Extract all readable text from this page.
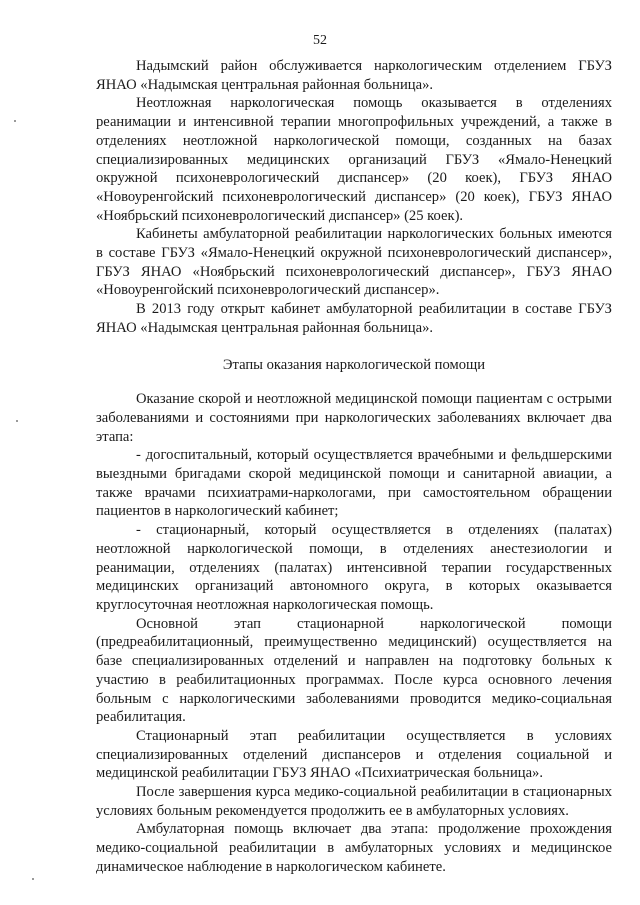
52

Надымский район обслуживается наркологическим отделением ГБУЗ ЯНАО «Надымская центральная районная больница».

Неотложная наркологическая помощь оказывается в отделениях реанимации и интенсивной терапии многопрофильных учреждений, а также в отделениях неотложной наркологической помощи, созданных на базах специализированных медицинских организаций ГБУЗ «Ямало-Ненецкий окружной психоневрологический диспансер» (20 коек), ГБУЗ ЯНАО «Новоуренгойский психоневрологический диспансер» (20 коек), ГБУЗ ЯНАО «Ноябрьский психоневрологический диспансер» (25 коек).

Кабинеты амбулаторной реабилитации наркологических больных имеются в составе ГБУЗ «Ямало-Ненецкий окружной психоневрологический диспансер», ГБУЗ ЯНАО «Ноябрьский психоневрологический диспансер», ГБУЗ ЯНАО «Новоуренгойский психоневрологический диспансер».

В 2013 году открыт кабинет амбулаторной реабилитации в составе ГБУЗ ЯНАО «Надымская центральная районная больница».

Этапы оказания наркологической помощи

Оказание скорой и неотложной медицинской помощи пациентам с острыми заболеваниями и состояниями при наркологических заболеваниях включает два этапа:

- догоспитальный, который осуществляется врачебными и фельдшерскими выездными бригадами скорой медицинской помощи и санитарной авиации, а также врачами психиатрами-наркологами, при самостоятельном обращении пациентов в наркологический кабинет;

- стационарный, который осуществляется в отделениях (палатах) неотложной наркологической помощи, в отделениях анестезиологии и реанимации, отделениях (палатах) интенсивной терапии государственных медицинских организаций автономного округа, в которых оказывается круглосуточная неотложная наркологическая помощь.

Основной этап стационарной наркологической помощи (предреабилитационный, преимущественно медицинский) осуществляется на базе специализированных отделений и направлен на подготовку больных к участию в реабилитационных программах. После курса основного лечения больным с наркологическими заболеваниями проводится медико-социальная реабилитация.

Стационарный этап реабилитации осуществляется в условиях специализированных отделений диспансеров и отделения социальной и медицинской реабилитации ГБУЗ ЯНАО «Психиатрическая больница».

После завершения курса медико-социальной реабилитации в стационарных условиях больным рекомендуется продолжить ее в амбулаторных условиях.

Амбулаторная помощь включает два этапа: продолжение прохождения медико-социальной реабилитации в амбулаторных условиях и медицинское динамическое наблюдение в наркологическом кабинете.
